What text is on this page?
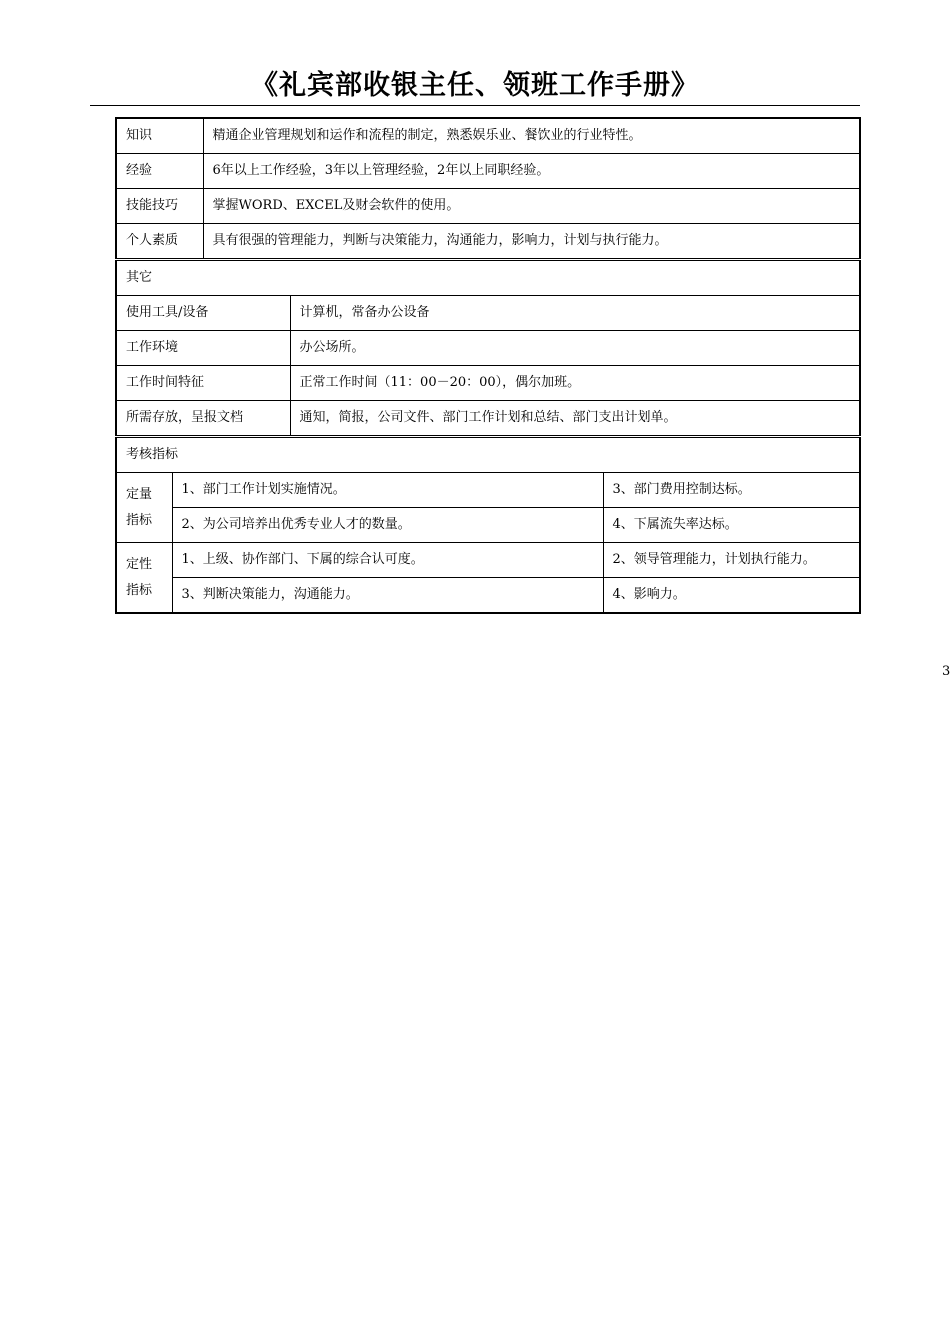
《礼宾部收银主任、领班工作手册》
知识		精通企业管理规划和运作和流程的制定，熟悉娱乐业、餐饮业的行业特性。		
经验		6年以上工作经验，3年以上管理经验，2年以上同职经验。		
技能技巧		掌握WORD、EXCEL及财会软件的使用。		
个人素质		具有很强的管理能力，判断与决策能力，沟通能力，影响力，计划与执行能力。		
其它				
使用工具/设备			计算机，常备办公设备	
工作环境			办公场所。	
工作时间特征			正常工作时间（11：00－20：00），偶尔加班。	
所需存放，呈报文档			通知，简报，公司文件、部门工作计划和总结、部门支出计划单。	
考核指标				
定量
指标	1、部门工作计划实施情况。			3、部门费用控制达标。
	2、为公司培养出优秀专业人才的数量。			4、下属流失率达标。
定性
指标	1、上级、协作部门、下属的综合认可度。			2、领导管理能力，计划执行能力。
	3、判断决策能力，沟通能力。			4、影响力。
3
